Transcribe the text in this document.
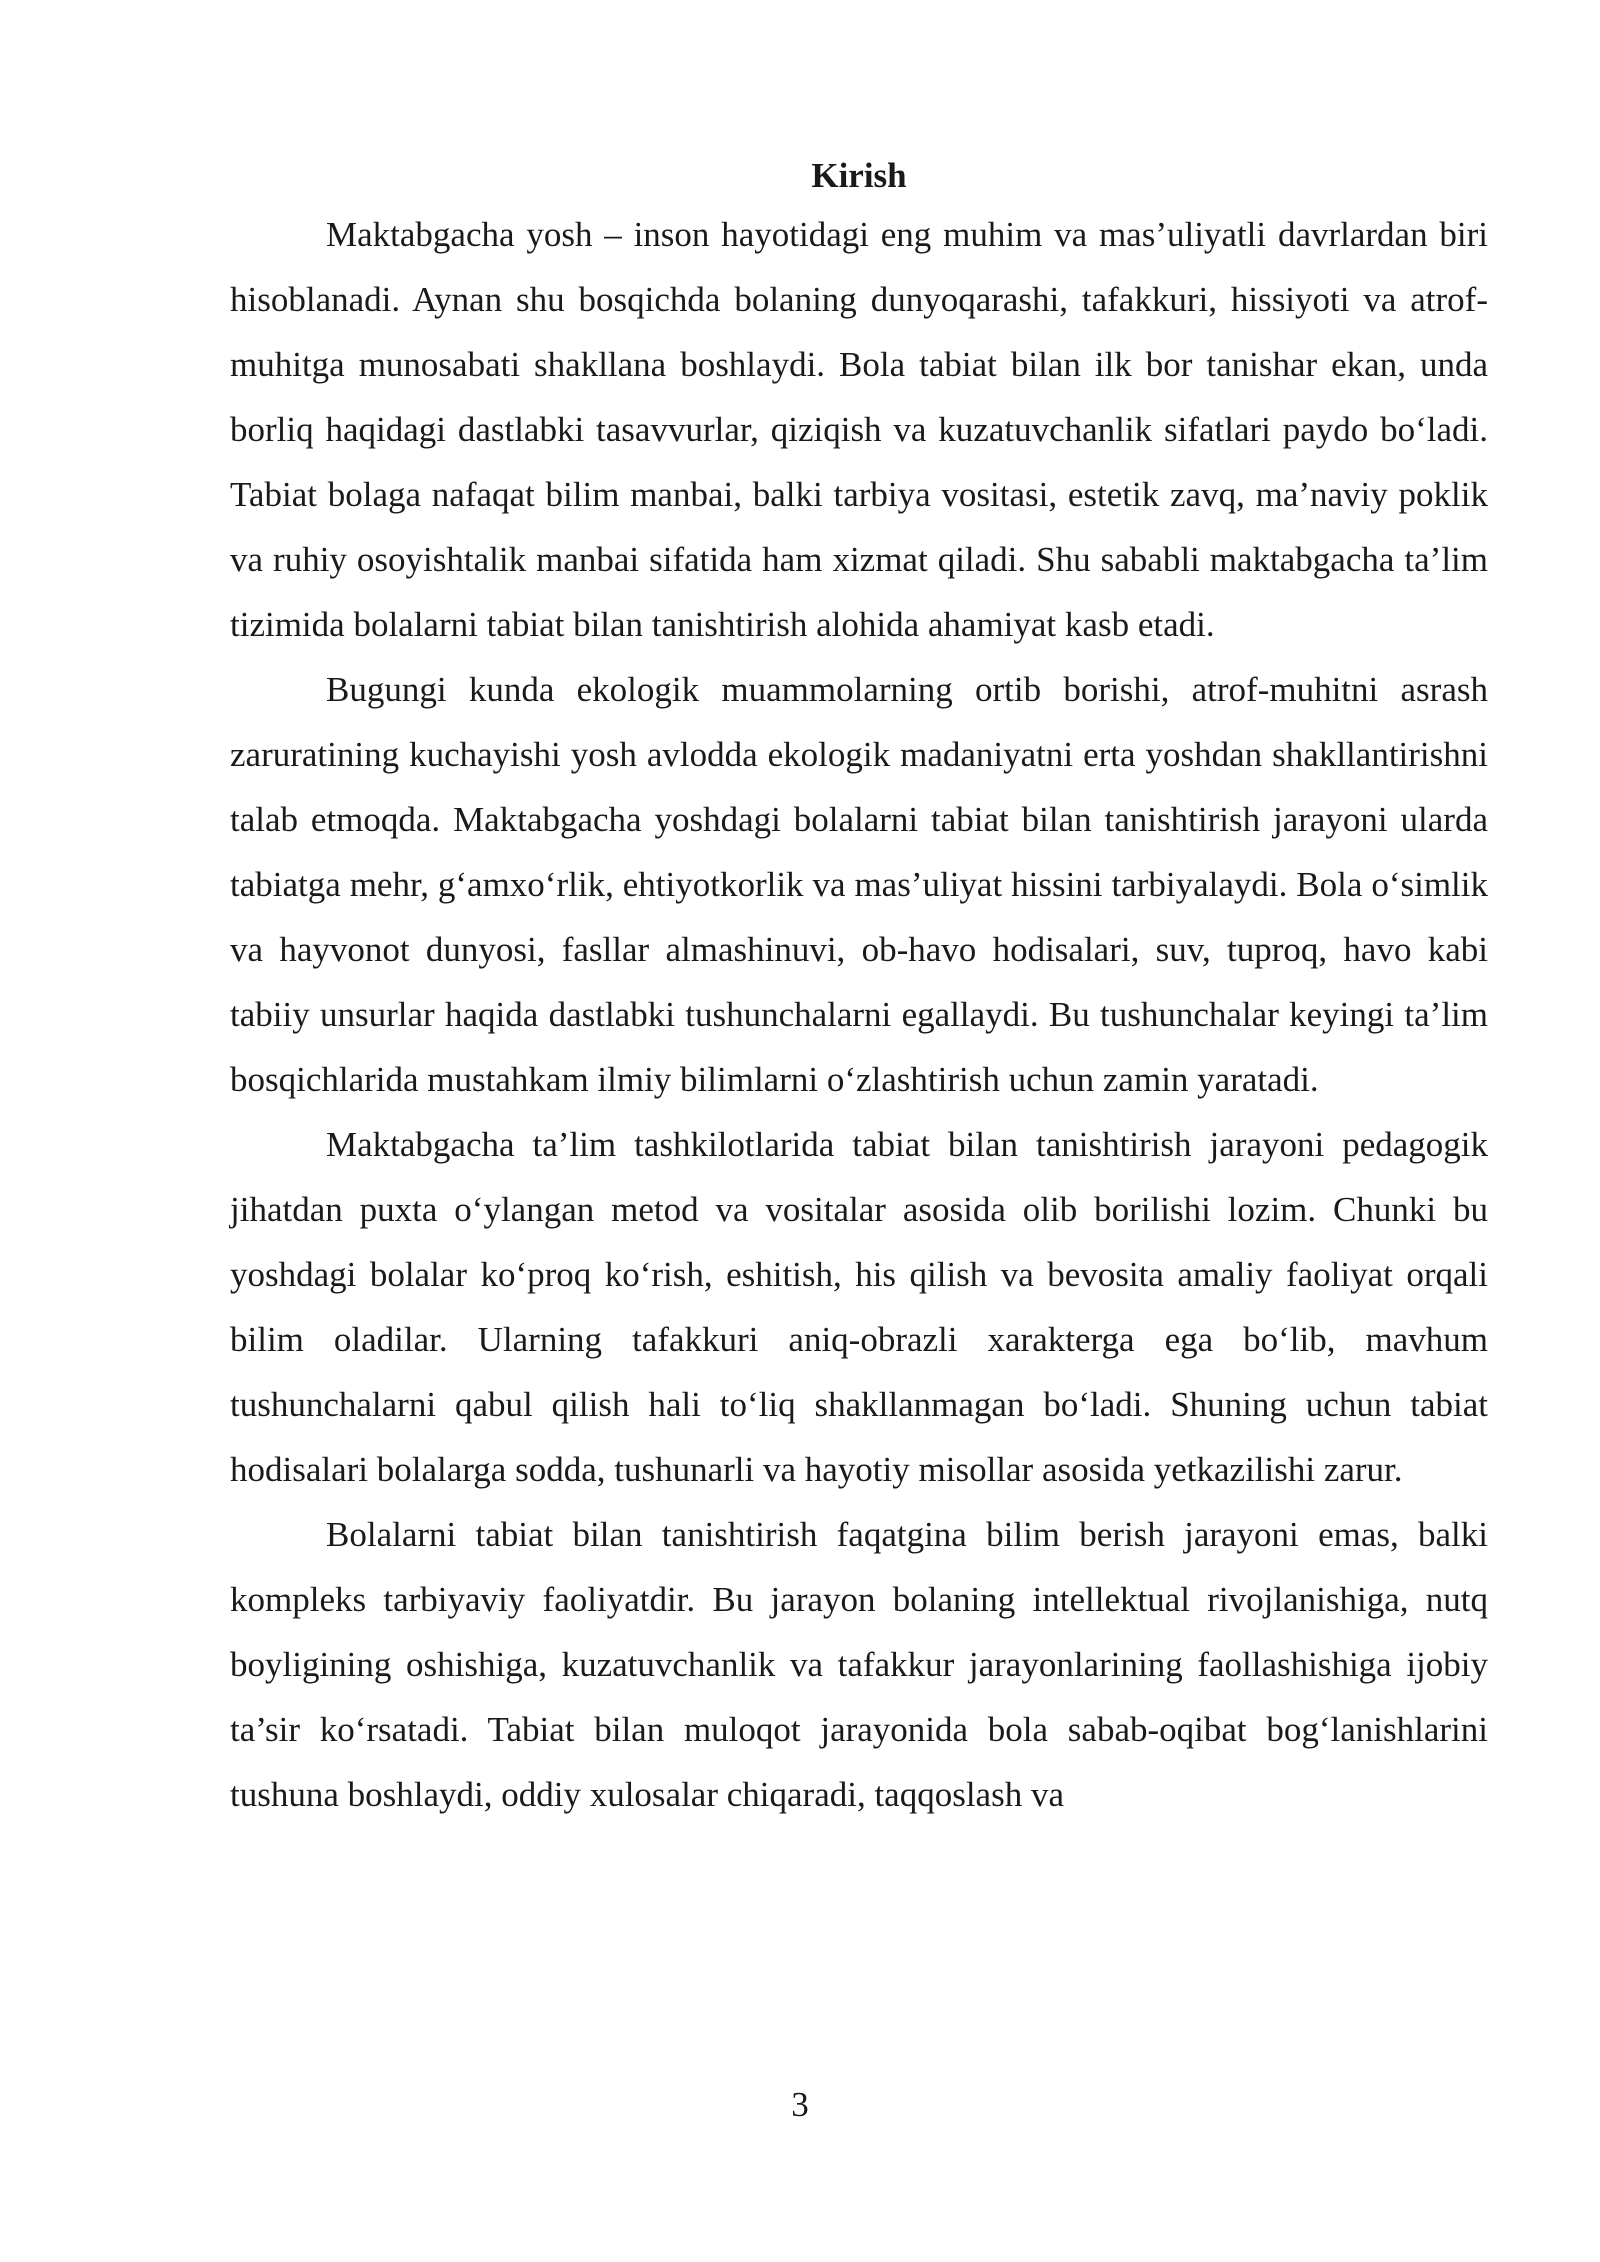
Kirish

Maktabgacha yosh – inson hayotidagi eng muhim va mas’uliyatli davrlardan biri hisoblanadi. Aynan shu bosqichda bolaning dunyoqarashi, tafakkuri, hissiyoti va atrof-muhitga munosabati shakllana boshlaydi. Bola tabiat bilan ilk bor tanishar ekan, unda borliq haqidagi dastlabki tasavvurlar, qiziqish va kuzatuvchanlik sifatlari paydo bo‘ladi. Tabiat bolaga nafaqat bilim manbai, balki tarbiya vositasi, estetik zavq, ma’naviy poklik va ruhiy osoyishtalik manbai sifatida ham xizmat qiladi. Shu sababli maktabgacha ta’lim tizimida bolalarni tabiat bilan tanishtirish alohida ahamiyat kasb etadi.

Bugungi kunda ekologik muammolarning ortib borishi, atrof-muhitni asrash zaruratining kuchayishi yosh avlodda ekologik madaniyatni erta yoshdan shakllantirishni talab etmoqda. Maktabgacha yoshdagi bolalarni tabiat bilan tanishtirish jarayoni ularda tabiatga mehr, g‘amxo‘rlik, ehtiyotkorlik va mas’uliyat hissini tarbiyalaydi. Bola o‘simlik va hayvonot dunyosi, fasllar almashinuvi, ob-havo hodisalari, suv, tuproq, havo kabi tabiiy unsurlar haqida dastlabki tushunchalarni egallaydi. Bu tushunchalar keyingi ta’lim bosqichlarida mustahkam ilmiy bilimlarni o‘zlashtirish uchun zamin yaratadi.

Maktabgacha ta’lim tashkilotlarida tabiat bilan tanishtirish jarayoni pedagogik jihatdan puxta o‘ylangan metod va vositalar asosida olib borilishi lozim. Chunki bu yoshdagi bolalar ko‘proq ko‘rish, eshitish, his qilish va bevosita amaliy faoliyat orqali bilim oladilar. Ularning tafakkuri aniq-obrazli xarakterga ega bo‘lib, mavhum tushunchalarni qabul qilish hali to‘liq shakllanmagan bo‘ladi. Shuning uchun tabiat hodisalari bolalarga sodda, tushunarli va hayotiy misollar asosida yetkazilishi zarur.

Bolalarni tabiat bilan tanishtirish faqatgina bilim berish jarayoni emas, balki kompleks tarbiyaviy faoliyatdir. Bu jarayon bolaning intellektual rivojlanishiga, nutq boyligining oshishiga, kuzatuvchanlik va tafakkur jarayonlarining faollashishiga ijobiy ta’sir ko‘rsatadi. Tabiat bilan muloqot jarayonida bola sabab-oqibat bog‘lanishlarini tushuna boshlaydi, oddiy xulosalar chiqaradi, taqqoslash va

3
